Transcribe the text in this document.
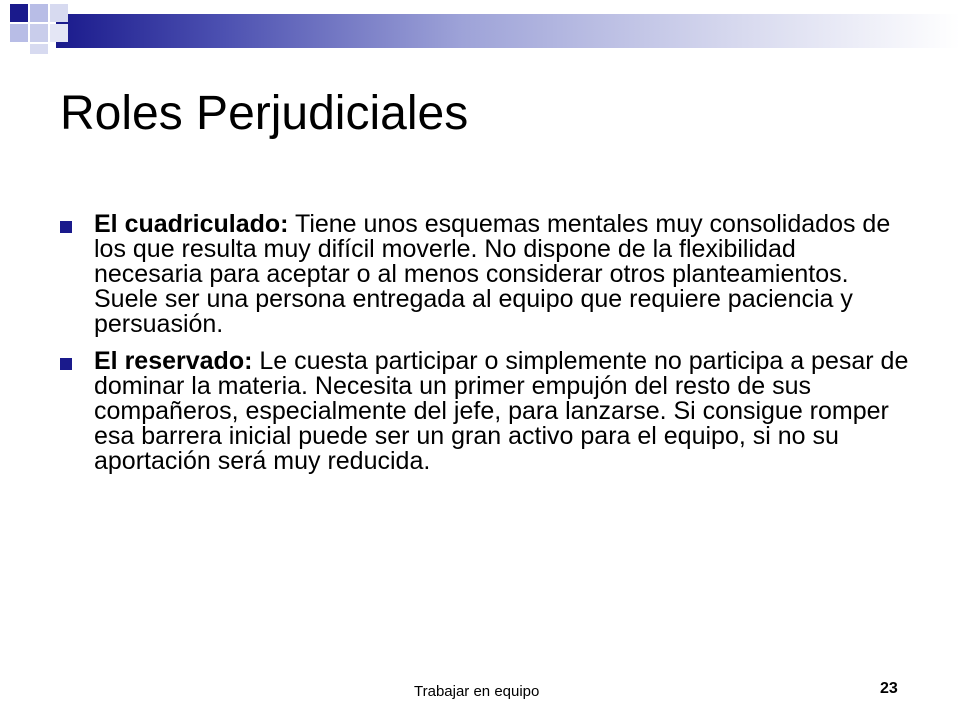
Roles Perjudiciales
El cuadriculado: Tiene unos esquemas mentales muy consolidados de los que resulta muy difícil moverle. No dispone de la flexibilidad necesaria para aceptar o al menos considerar otros planteamientos. Suele ser una persona entregada al equipo que requiere paciencia y persuasión.
El reservado: Le cuesta participar o simplemente no participa a pesar de dominar la materia. Necesita un primer empujón del resto de sus compañeros, especialmente del jefe, para lanzarse. Si consigue romper esa barrera inicial puede ser un gran activo para el equipo, si no su aportación será muy reducida.
Trabajar en equipo	23
